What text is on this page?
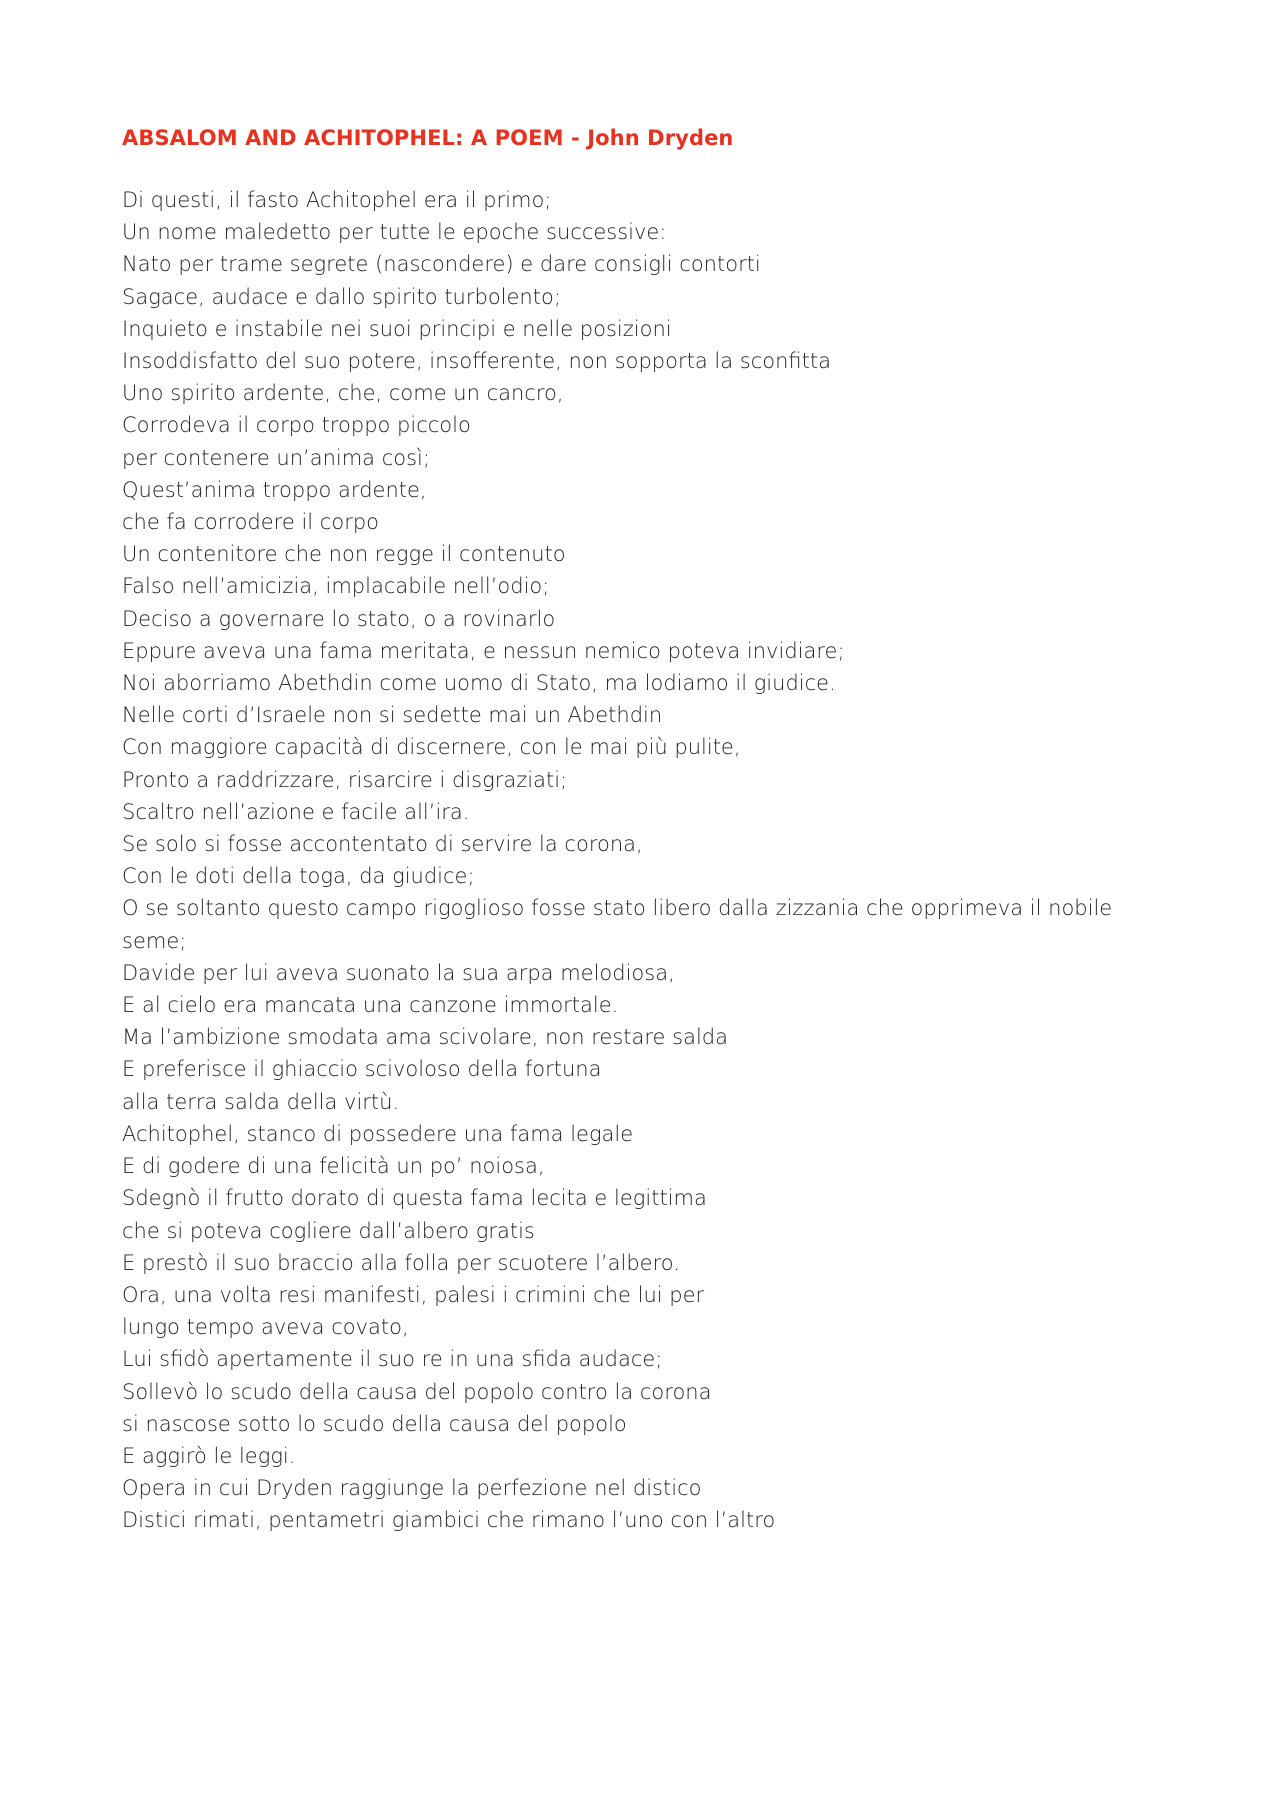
ABSALOM AND ACHITOPHEL: A POEM - John Dryden
Di questi, il fasto Achitophel era il primo;
Un nome maledetto per tutte le epoche successive:
Nato per trame segrete (nascondere) e dare consigli contorti
Sagace, audace e dallo spirito turbolento;
Inquieto e instabile nei suoi principi e nelle posizioni
Insoddisfatto del suo potere, insofferente, non sopporta la sconfitta
Uno spirito ardente, che, come un cancro,
Corrodeva il corpo troppo piccolo
per contenere un’anima così;
Quest’anima troppo ardente,
che fa corrodere il corpo
Un contenitore che non regge il contenuto
Falso nell’amicizia, implacabile nell’odio;
Deciso a governare lo stato, o a rovinarlo
Eppure aveva una fama meritata, e nessun nemico poteva invidiare;
Noi aborriamo Abethdin come uomo di Stato, ma lodiamo il giudice.
Nelle corti d’Israele non si sedette mai un Abethdin
Con maggiore capacità di discernere, con le mai più pulite,
Pronto a raddrizzare, risarcire i disgraziati;
Scaltro nell’azione e facile all’ira.
Se solo si fosse accontentato di servire la corona,
Con le doti della toga, da giudice;
O se soltanto questo campo rigoglioso fosse stato libero dalla zizzania che opprimeva il nobile
seme;
Davide per lui aveva suonato la sua arpa melodiosa,
E al cielo era mancata una canzone immortale.
Ma l’ambizione smodata ama scivolare, non restare salda
E preferisce il ghiaccio scivoloso della fortuna
alla terra salda della virtù.
Achitophel, stanco di possedere una fama legale
E di godere di una felicità un po’ noiosa,
Sdegnò il frutto dorato di questa fama lecita e legittima
che si poteva cogliere dall’albero gratis
E prestò il suo braccio alla folla per scuotere l’albero.
Ora, una volta resi manifesti, palesi i crimini che lui per
lungo tempo aveva covato,
Lui sfidò apertamente il suo re in una sfida audace;
Sollevò lo scudo della causa del popolo contro la corona
si nascose sotto lo scudo della causa del popolo
E aggirò le leggi.
Opera in cui Dryden raggiunge la perfezione nel distico
Distici rimati, pentametri giambici che rimano l’uno con l’altro
